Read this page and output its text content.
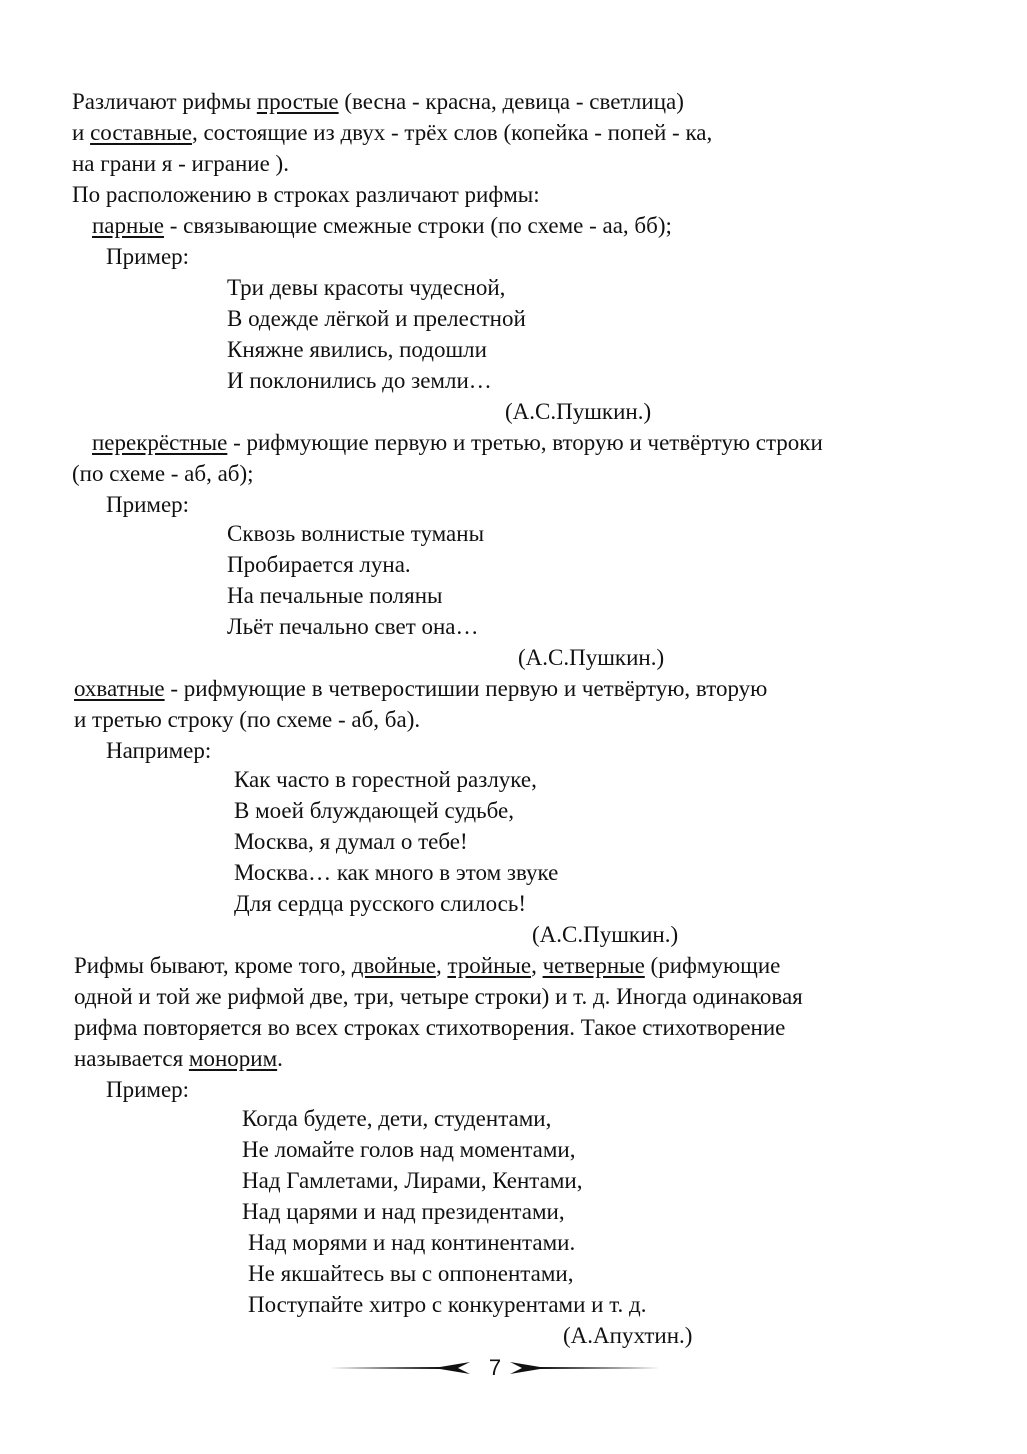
Различают рифмы простые (весна - красна, девица - светлица)
и составные, состоящие из двух - трёх слов (копейка - попей - ка,
на грани я - играние ).
По расположению в строках различают рифмы:
парные - связывающие смежные строки (по схеме - аа, бб);
Пример:
Три девы красоты чудесной,
В одежде лёгкой и прелестной
Княжне явились, подошли
И поклонились до земли…
(А.С.Пушкин.)
перекрёстные - рифмующие первую и третью, вторую и четвёртую строки
(по схеме - аб, аб);
Пример:
Сквозь волнистые туманы
Пробирается луна.
На печальные поляны
Льёт печально свет она…
(А.С.Пушкин.)
охватные - рифмующие в четверостишии первую и четвёртую, вторую
и третью строку (по схеме - аб, ба).
Например:
Как часто в горестной разлуке,
В моей блуждающей судьбе,
Москва, я думал о тебе!
Москва… как много в этом звуке
Для сердца русского слилось!
(А.С.Пушкин.)
Рифмы бывают, кроме того, двойные, тройные, четверные (рифмующие
одной и той же рифмой две, три, четыре строки) и т. д. Иногда одинаковая
рифма повторяется во всех строках стихотворения. Такое стихотворение
называется монорим.
Пример:
Когда будете, дети, студентами,
Не ломайте голов над моментами,
Над Гамлетами, Лирами, Кентами,
Над царями и над президентами,
Над морями и над континентами.
Не якшайтесь вы с оппонентами,
Поступайте хитро с конкурентами и т. д.
(А.Апухтин.)
7
